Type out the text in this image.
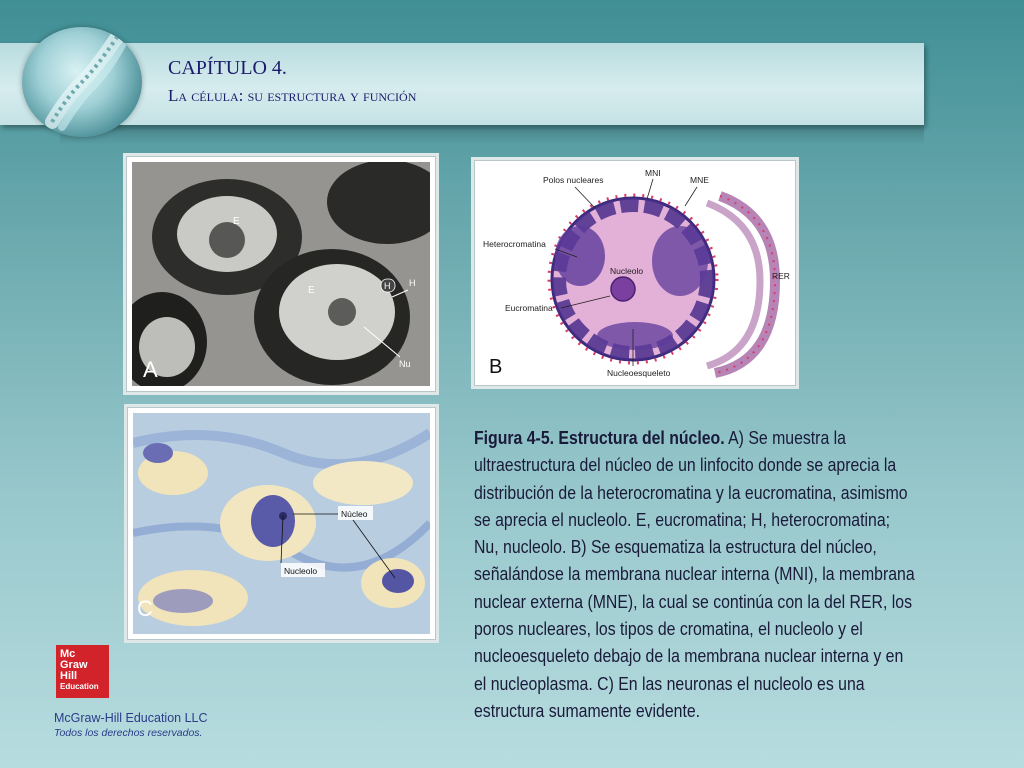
CAPÍTULO 4.
La célula: su estructura y función
E
E	H H
Nu
A
Polos nucleares
MNI
MNE
Heterocromatina
Nucleolo
Eucromatina
RER
Nucleoesqueleto
B
Núcleo
Nucleolo
C
Figura 4-5. Estructura del núcleo. A) Se muestra la ultraestructura del núcleo de un linfocito donde se aprecia la distribución de la heterocromatina y la eucromatina, asimismo se aprecia el nucleolo. E, eucromatina; H, heterocromatina; Nu, nucleolo. B) Se esquematiza la estructura del núcleo, señalándose la membrana nuclear interna (MNI), la membrana nuclear externa (MNE), la cual se continúa con la del RER, los poros nucleares, los tipos de cromatina, el nucleolo y el nucleoesqueleto debajo de la membrana nuclear interna y en el nucleoplasma. C) En las neuronas el nucleolo es una estructura sumamente evidente.
Mc
Graw
Hill
Education
McGraw-Hill Education LLC
Todos los derechos reservados.
